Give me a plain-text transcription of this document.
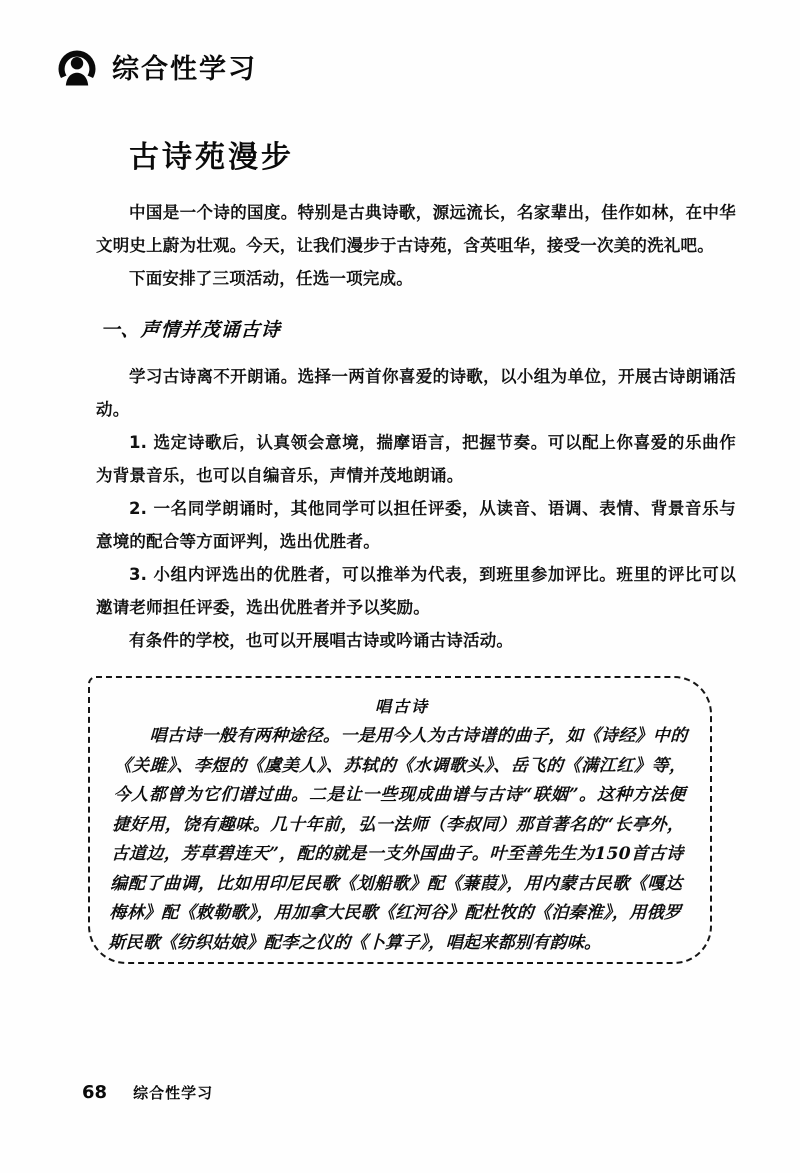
综合性学习
古诗苑漫步

中国是一个诗的国度。特别是古典诗歌，源远流长，名家辈出，佳作如林，在中华文明史上蔚为壮观。今天，让我们漫步于古诗苑，含英咀华，接受一次美的洗礼吧。

下面安排了三项活动，任选一项完成。

一、声情并茂诵古诗

学习古诗离不开朗诵。选择一两首你喜爱的诗歌，以小组为单位，开展古诗朗诵活动。

1. 选定诗歌后，认真领会意境，揣摩语言，把握节奏。可以配上你喜爱的乐曲作为背景音乐，也可以自编音乐，声情并茂地朗诵。

2. 一名同学朗诵时，其他同学可以担任评委，从读音、语调、表情、背景音乐与意境的配合等方面评判，选出优胜者。

3. 小组内评选出的优胜者，可以推举为代表，到班里参加评比。班里的评比可以邀请老师担任评委，选出优胜者并予以奖励。

有条件的学校，也可以开展唱古诗或吟诵古诗活动。

唱古诗

唱古诗一般有两种途径。一是用今人为古诗谱的曲子，如《诗经》中的《关雎》、李煜的《虞美人》、苏轼的《水调歌头》、岳飞的《满江红》等，今人都曾为它们谱过曲。二是让一些现成曲谱与古诗“联姻”。这种方法便捷好用，饶有趣味。几十年前，弘一法师（李叔同）那首著名的“长亭外，古道边，芳草碧连天”，配的就是一支外国曲子。叶至善先生为150首古诗编配了曲调，比如用印尼民歌《划船歌》配《蒹葭》，用内蒙古民歌《嘎达梅林》配《敕勒歌》，用加拿大民歌《红河谷》配杜牧的《泊秦淮》，用俄罗斯民歌《纺织姑娘》配李之仪的《卜算子》，唱起来都别有韵味。

68 综合性学习
